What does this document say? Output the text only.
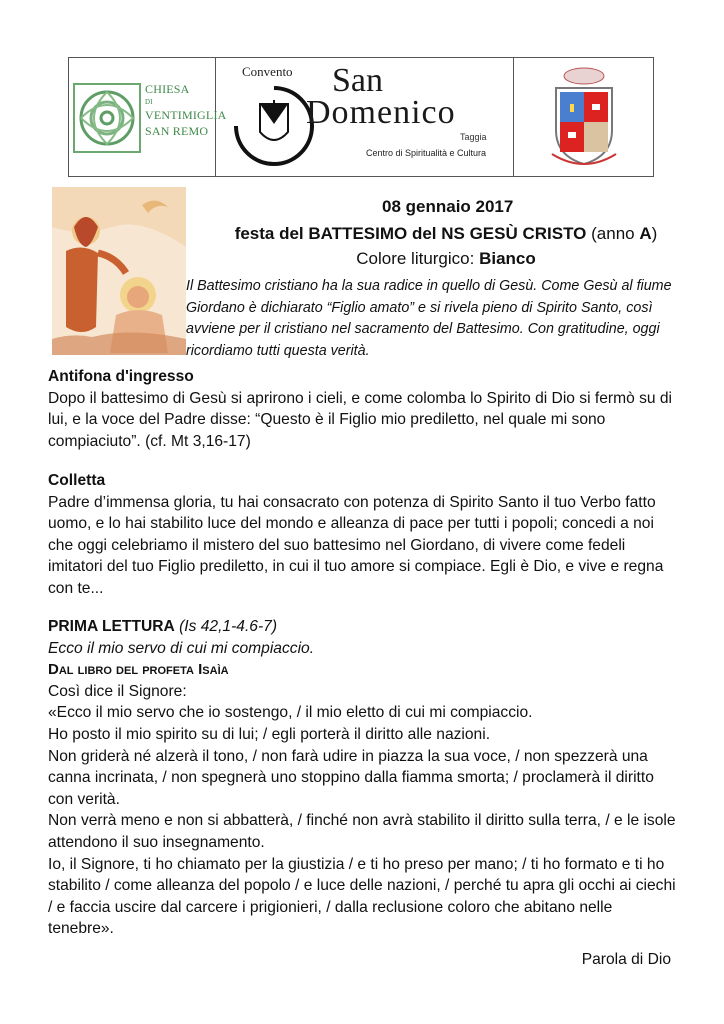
CHIESA
DI
VENTIMIGLIA
SAN REMO
Convento San
Domenico
Taggia
Centro di Spiritualità e Cultura
08 gennaio 2017
festa del BATTESIMO del NS GESÙ CRISTO (anno A)
Colore liturgico: Bianco
Il Battesimo cristiano ha la sua radice in quello di Gesù. Come Gesù al fiume Giordano è dichiarato “Figlio amato” e si rivela pieno di Spirito Santo, così avviene per il cristiano nel sacramento del Battesimo. Con gratitudine, oggi ricordiamo tutti questa verità.
Antifona d'ingresso
Dopo il battesimo di Gesù si aprirono i cieli, e come colomba lo Spirito di Dio si fermò su di lui, e la voce del Padre disse: “Questo è il Figlio mio prediletto, nel quale mi sono compiaciuto”. (cf. Mt 3,16-17)
Colletta
Padre d’immensa gloria, tu hai consacrato con potenza di Spirito Santo il tuo Verbo fatto uomo, e lo hai stabilito luce del mondo e alleanza di pace per tutti i popoli; concedi a noi che oggi celebriamo il mistero del suo battesimo nel Giordano, di vivere come fedeli imitatori del tuo Figlio prediletto, in cui il tuo amore si compiace. Egli è Dio, e vive e regna con te...
PRIMA LETTURA (Is 42,1-4.6-7)
Ecco il mio servo di cui mi compiaccio.
Dal libro del profeta Isaìa
Così dice il Signore:
«Ecco il mio servo che io sostengo, / il mio eletto di cui mi compiaccio.
Ho posto il mio spirito su di lui; / egli porterà il diritto alle nazioni.
Non griderà né alzerà il tono, / non farà udire in piazza la sua voce, / non spezzerà una canna incrinata, / non spegnerà uno stoppino dalla fiamma smorta; / proclamerà il diritto con verità.
Non verrà meno e non si abbatterà, / finché non avrà stabilito il diritto sulla terra, / e le isole attendono il suo insegnamento.
Io, il Signore, ti ho chiamato per la giustizia / e ti ho preso per mano; / ti ho formato e ti ho stabilito / come alleanza del popolo / e luce delle nazioni, / perché tu apra gli occhi ai ciechi / e faccia uscire dal carcere i prigionieri, / dalla reclusione coloro che abitano nelle tenebre».
Parola di Dio
